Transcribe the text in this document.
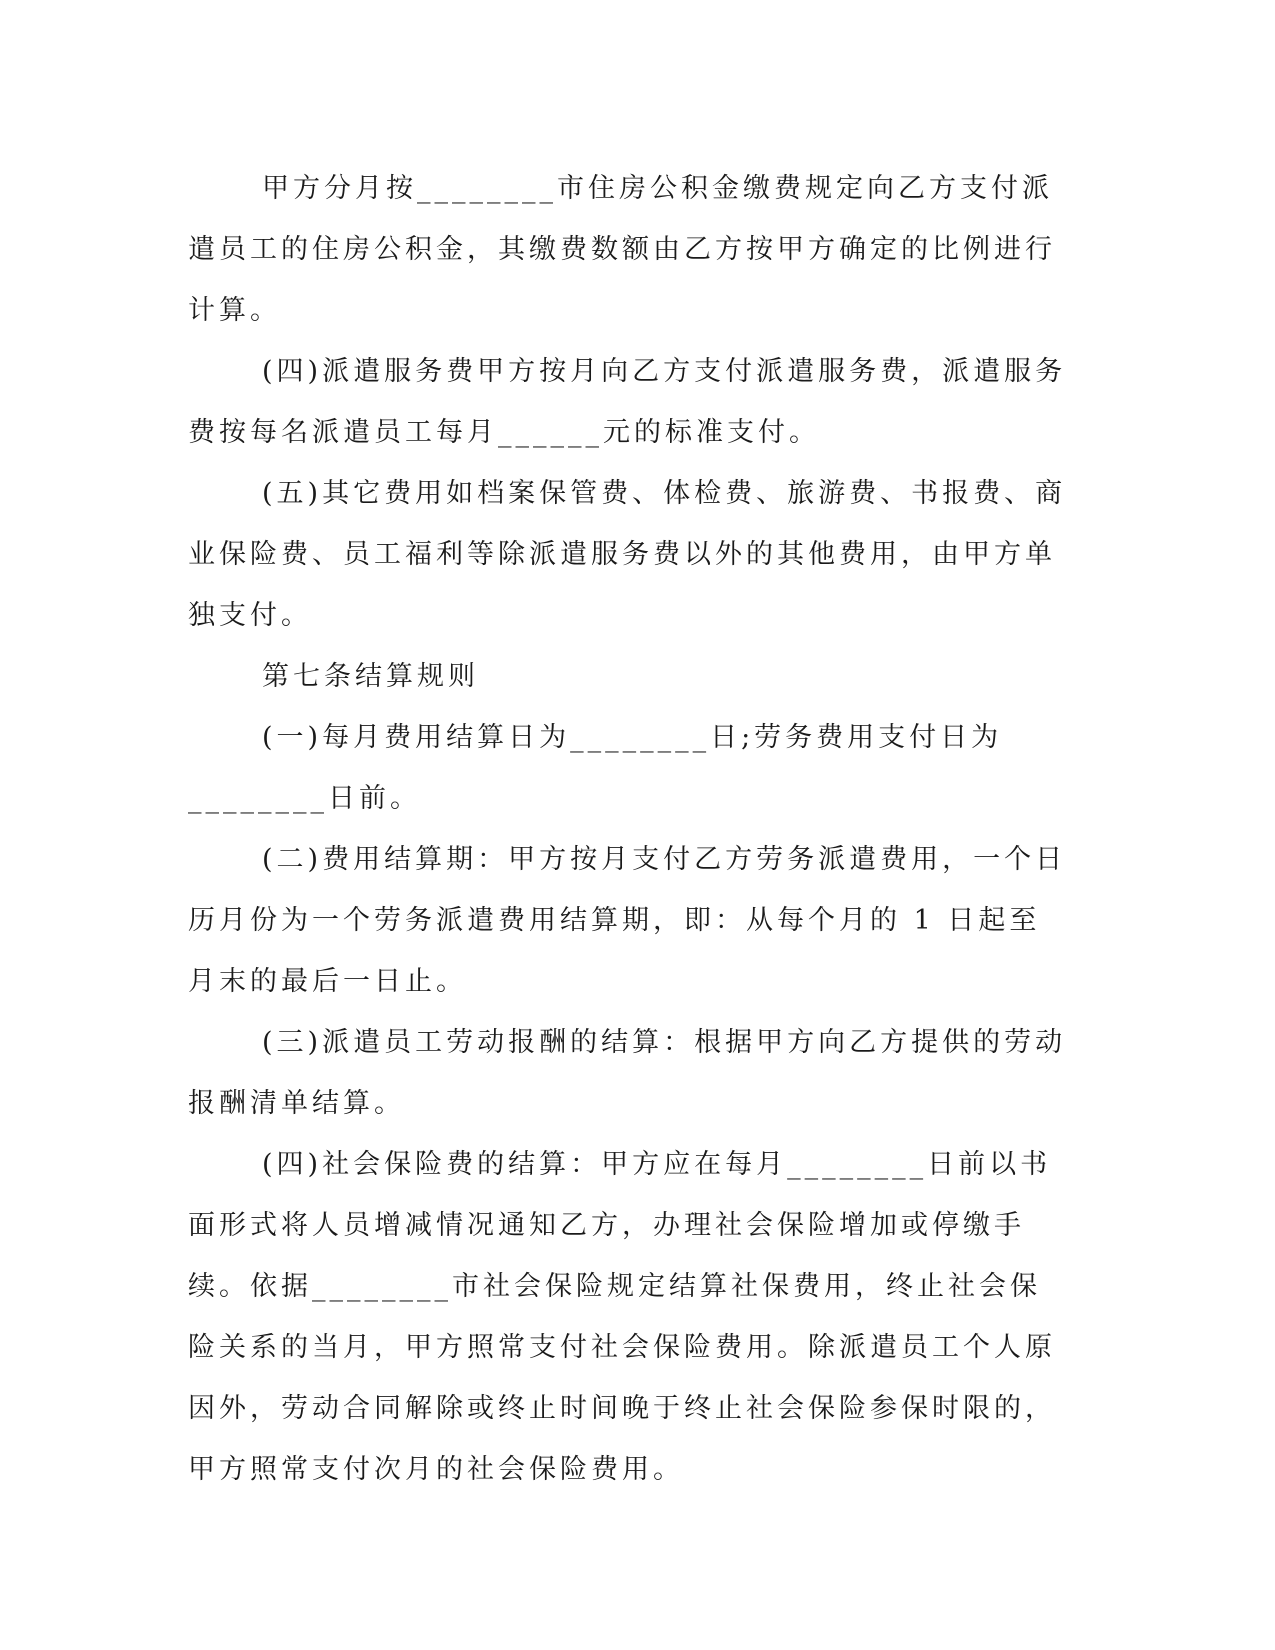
甲方分月按________市住房公积金缴费规定向乙方支付派遣员工的住房公积金，其缴费数额由乙方按甲方确定的比例进行计算。

(四)派遣服务费甲方按月向乙方支付派遣服务费，派遣服务费按每名派遣员工每月______元的标准支付。

(五)其它费用如档案保管费、体检费、旅游费、书报费、商业保险费、员工福利等除派遣服务费以外的其他费用，由甲方单独支付。

第七条结算规则

(一)每月费用结算日为________日;劳务费用支付日为________日前。

(二)费用结算期：甲方按月支付乙方劳务派遣费用，一个日历月份为一个劳务派遣费用结算期，即：从每个月的 1 日起至月末的最后一日止。

(三)派遣员工劳动报酬的结算：根据甲方向乙方提供的劳动报酬清单结算。

(四)社会保险费的结算：甲方应在每月________日前以书面形式将人员增减情况通知乙方，办理社会保险增加或停缴手续。依据________市社会保险规定结算社保费用，终止社会保险关系的当月，甲方照常支付社会保险费用。除派遣员工个人原因外，劳动合同解除或终止时间晚于终止社会保险参保时限的，甲方照常支付次月的社会保险费用。
